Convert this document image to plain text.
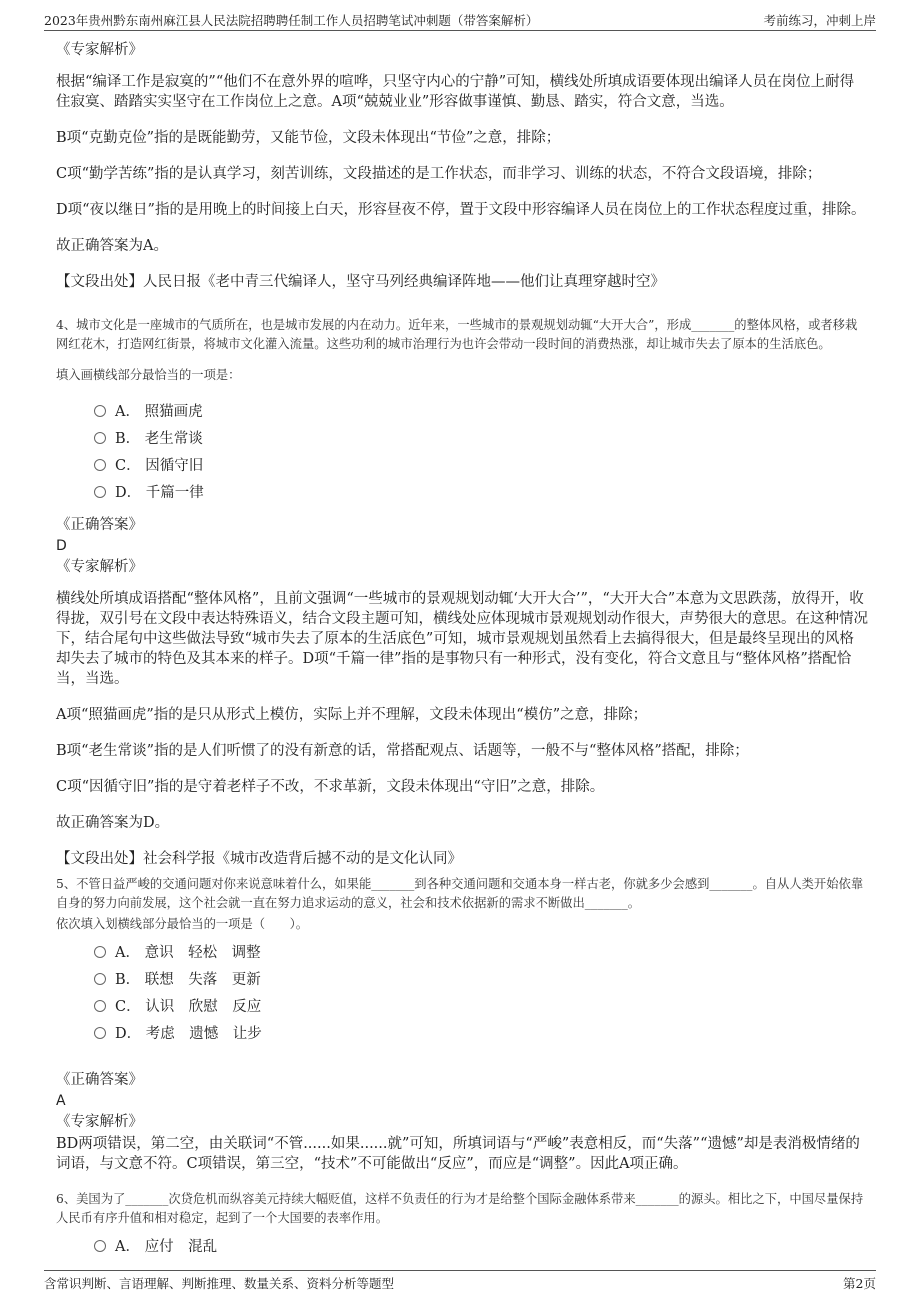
2023年贵州黔东南州麻江县人民法院招聘聘任制工作人员招聘笔试冲刺题（带答案解析）	考前练习，冲刺上岸

《专家解析》

根据“编译工作是寂寞的”“他们不在意外界的喧哗，只坚守内心的宁静”可知，横线处所填成语要体现出编译人员在岗位上耐得住寂寞、踏踏实实坚守在工作岗位上之意。A项“兢兢业业”形容做事谨慎、勤恳、踏实，符合文意，当选。

B项“克勤克俭”指的是既能勤劳，又能节俭，文段未体现出“节俭”之意，排除；

C项“勤学苦练”指的是认真学习，刻苦训练，文段描述的是工作状态，而非学习、训练的状态，不符合文段语境，排除；

D项“夜以继日”指的是用晚上的时间接上白天，形容昼夜不停，置于文段中形容编译人员在岗位上的工作状态程度过重，排除。

故正确答案为A。

【文段出处】人民日报《老中青三代编译人，坚守马列经典编译阵地——他们让真理穿越时空》

4、城市文化是一座城市的气质所在，也是城市发展的内在动力。近年来，一些城市的景观规划动辄“大开大合”，形成_______的整体风格，或者移栽网红花木，打造网红街景，将城市文化灌入流量。这些功利的城市治理行为也许会带动一段时间的消费热涨，却让城市失去了原本的生活底色。

填入画横线部分最恰当的一项是：

A． 照猫画虎
B． 老生常谈
C． 因循守旧
D． 千篇一律

《正确答案》

D

《专家解析》

横线处所填成语搭配“整体风格”，且前文强调“一些城市的景观规划动辄‘大开大合’”，“大开大合”本意为文思跌荡，放得开，收得拢，双引号在文段中表达特殊语义，结合文段主题可知，横线处应体现城市景观规划动作很大，声势很大的意思。在这种情况下，结合尾句中这些做法导致“城市失去了原本的生活底色”可知，城市景观规划虽然看上去搞得很大，但是最终呈现出的风格却失去了城市的特色及其本来的样子。D项“千篇一律”指的是事物只有一种形式，没有变化，符合文意且与“整体风格”搭配恰当，当选。

A项“照猫画虎”指的是只从形式上模仿，实际上并不理解，文段未体现出“模仿”之意，排除；

B项“老生常谈”指的是人们听惯了的没有新意的话，常搭配观点、话题等，一般不与“整体风格”搭配，排除；

C项“因循守旧”指的是守着老样子不改，不求革新，文段未体现出“守旧”之意，排除。

故正确答案为D。

【文段出处】社会科学报《城市改造背后撼不动的是文化认同》

5、不管日益严峻的交通问题对你来说意味着什么，如果能_______到各种交通问题和交通本身一样古老，你就多少会感到_______。自从人类开始依靠自身的努力向前发展，这个社会就一直在努力追求运动的意义，社会和技术依据新的需求不断做出_______。

依次填入划横线部分最恰当的一项是（　　）。

A． 意识　轻松　调整
B． 联想　失落　更新
C． 认识　欣慰　反应
D． 考虑　遗憾　让步

《正确答案》

A

《专家解析》

BD两项错误，第二空，由关联词“不管......如果......就”可知，所填词语与“严峻”表意相反，而“失落”“遗憾”却是表消极情绪的词语，与文意不符。C项错误，第三空，“技术”不可能做出“反应”，而应是“调整”。因此A项正确。

6、美国为了_______次贷危机而纵容美元持续大幅贬值，这样不负责任的行为才是给整个国际金融体系带来_______的源头。相比之下，中国尽量保持人民币有序升值和相对稳定，起到了一个大国要的表率作用。

A． 应付　混乱
含常识判断、言语理解、判断推理、数量关系、资料分析等题型	第2页
